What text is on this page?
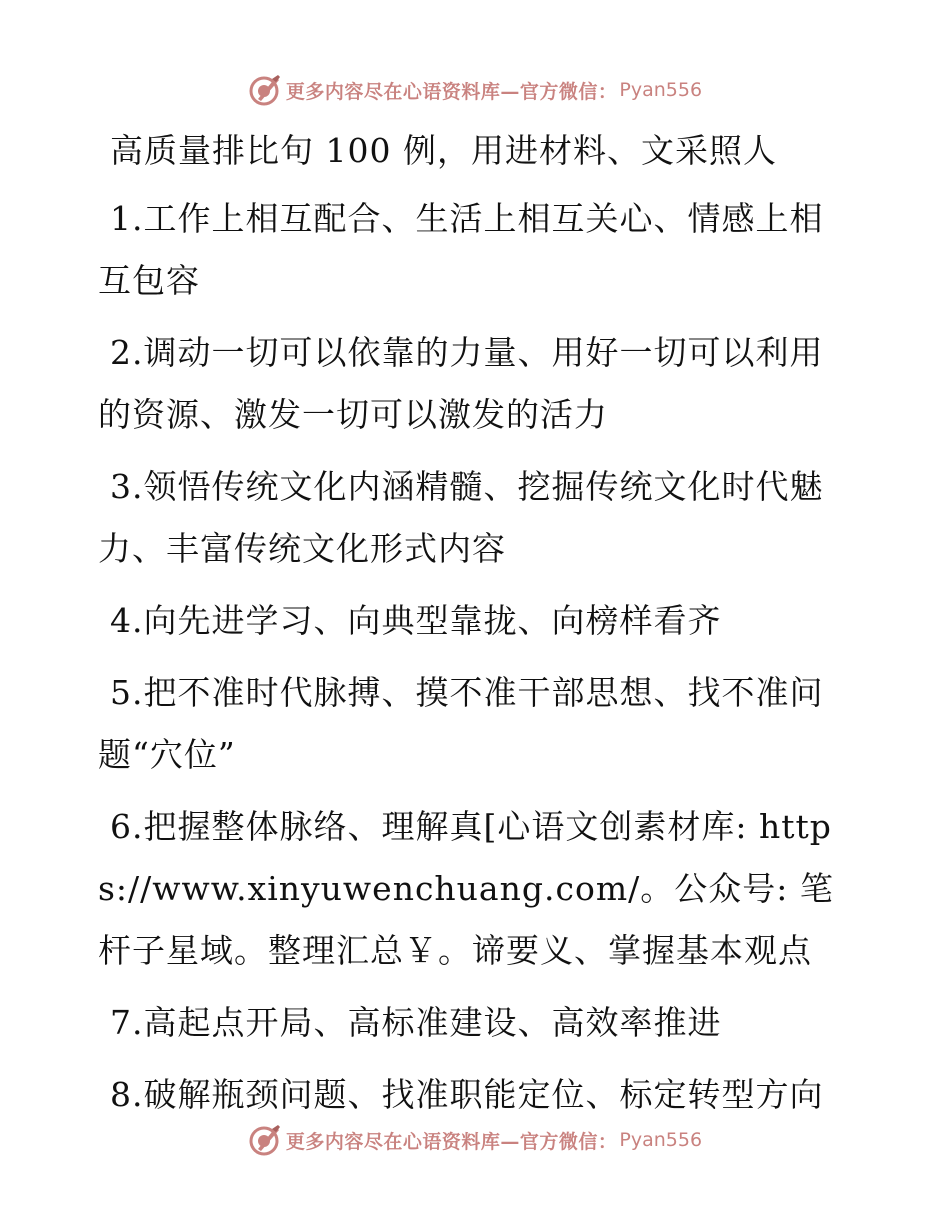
更多内容尽在心语资料库—官方微信： Pyan556

高质量排比句 100 例，用进材料、文采照人

1.工作上相互配合、生活上相互关心、情感上相互包容

2.调动一切可以依靠的力量、用好一切可以利用的资源、激发一切可以激发的活力

3.领悟传统文化内涵精髓、挖掘传统文化时代魅力、丰富传统文化形式内容

4.向先进学习、向典型靠拢、向榜样看齐

5.把不准时代脉搏、摸不准干部思想、找不准问题“穴位”

6.把握整体脉络、理解真[心语文创素材库: https://www.xinyuwenchuang.com/。公众号: 笔杆子星域。整理汇总￥。谛要义、掌握基本观点

7.高起点开局、高标准建设、高效率推进

8.破解瓶颈问题、找准职能定位、标定转型方向

更多内容尽在心语资料库—官方微信： Pyan556
